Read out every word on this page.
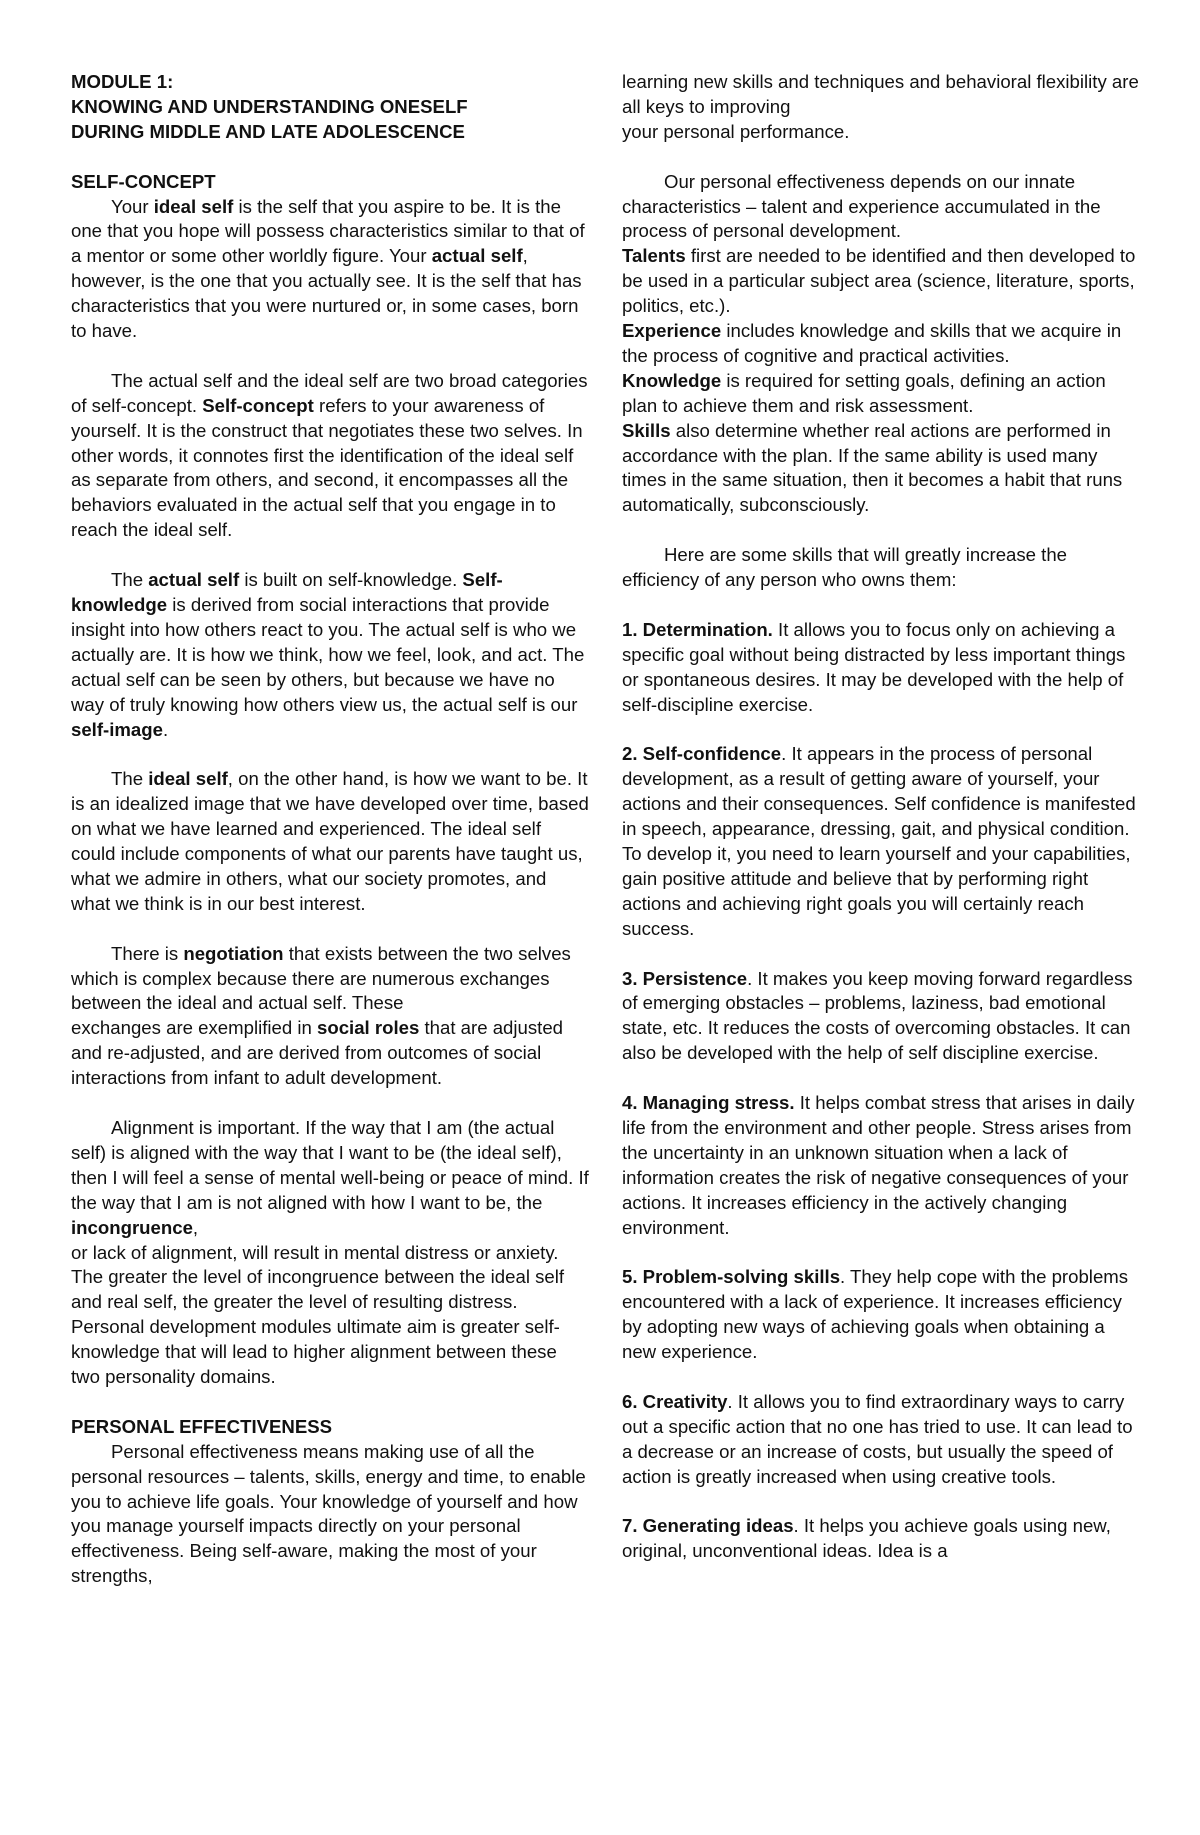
MODULE 1:

KNOWING AND UNDERSTANDING ONESELF

DURING MIDDLE AND LATE ADOLESCENCE

SELF-CONCEPT

Your ideal self is the self that you aspire to be. It is the one that you hope will possess characteristics similar to that of a mentor or some other worldly figure. Your actual self, however, is the one that you actually see. It is the self that has characteristics that you were nurtured or, in some cases, born to have.

The actual self and the ideal self are two broad categories of self-concept. Self-concept refers to your awareness of yourself. It is the construct that negotiates these two selves. In other words, it connotes first the identification of the ideal self as separate from others, and second, it encompasses all the behaviors evaluated in the actual self that you engage in to reach the ideal self.

The actual self is built on self-knowledge. Self-knowledge is derived from social interactions that provide insight into how others react to you. The actual self is who we actually are. It is how we think, how we feel, look, and act. The actual self can be seen by others, but because we have no way of truly knowing how others view us, the actual self is our self-image.

The ideal self, on the other hand, is how we want to be. It is an idealized image that we have developed over time, based on what we have learned and experienced. The ideal self could include components of what our parents have taught us, what we admire in others, what our society promotes, and what we think is in our best interest.

There is negotiation that exists between the two selves which is complex because there are numerous exchanges between the ideal and actual self. These

exchanges are exemplified in social roles that are adjusted and re-adjusted, and are derived from outcomes of social interactions from infant to adult development.

Alignment is important. If the way that I am (the actual self) is aligned with the way that I want to be (the ideal self), then I will feel a sense of mental well-being or peace of mind. If the way that I am is not aligned with how I want to be, the incongruence,

or lack of alignment, will result in mental distress or anxiety. The greater the level of incongruence between the ideal self and real self, the greater the level of resulting distress. Personal development modules ultimate aim is greater self-knowledge that will lead to higher alignment between these two personality domains.

PERSONAL EFFECTIVENESS

Personal effectiveness means making use of all the personal resources – talents, skills, energy and time, to enable you to achieve life goals. Your knowledge of yourself and how you manage yourself impacts directly on your personal effectiveness. Being self-aware, making the most of your strengths,

learning new skills and techniques and behavioral flexibility are all keys to improving

your personal performance.

Our personal effectiveness depends on our innate characteristics – talent and experience accumulated in the process of personal development.

Talents first are needed to be identified and then developed to be used in a particular subject area (science, literature, sports, politics, etc.).

Experience includes knowledge and skills that we acquire in the process of cognitive and practical activities.

Knowledge is required for setting goals, defining an action plan to achieve them and risk assessment.

Skills also determine whether real actions are performed in accordance with the plan. If the same ability is used many times in the same situation, then it becomes a habit that runs automatically, subconsciously.

Here are some skills that will greatly increase the efficiency of any person who owns them:

1. Determination. It allows you to focus only on achieving a specific goal without being distracted by less important things or spontaneous desires. It may be developed with the help of self-discipline exercise.

2. Self-confidence. It appears in the process of personal development, as a result of getting aware of yourself, your actions and their consequences. Self confidence is manifested in speech, appearance, dressing, gait, and physical condition. To develop it, you need to learn yourself and your capabilities, gain positive attitude and believe that by performing right actions and achieving right goals you will certainly reach success.

3. Persistence. It makes you keep moving forward regardless of emerging obstacles – problems, laziness, bad emotional state, etc. It reduces the costs of overcoming obstacles. It can also be developed with the help of self discipline exercise.

4. Managing stress. It helps combat stress that arises in daily life from the environment and other people. Stress arises from the uncertainty in an unknown situation when a lack of information creates the risk of negative consequences of your actions. It increases efficiency in the actively changing environment.

5. Problem-solving skills. They help cope with the problems encountered with a lack of experience. It increases efficiency by adopting new ways of achieving goals when obtaining a new experience.

6. Creativity. It allows you to find extraordinary ways to carry out a specific action that no one has tried to use. It can lead to a decrease or an increase of costs, but usually the speed of action is greatly increased when using creative tools.

7. Generating ideas. It helps you achieve goals using new, original, unconventional ideas. Idea is a
